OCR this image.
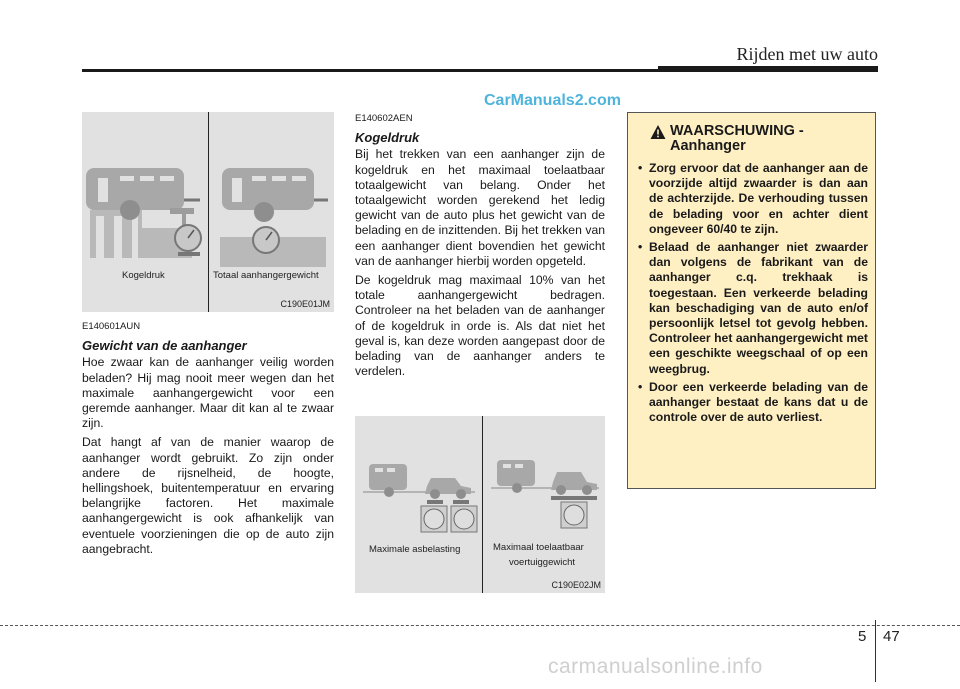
Rijden met uw auto
CarManuals2.com
Kogeldruk	Totaal aanhangergewicht
C190E01JM
E140601AUN
Gewicht van de aanhanger

Hoe zwaar kan de aanhanger veilig worden beladen? Hij mag nooit meer wegen dan het maximale aanhangergewicht voor een geremde aanhanger. Maar dit kan al te zwaar zijn.

Dat hangt af van de manier waarop de aanhanger wordt gebruikt. Zo zijn onder andere de rijsnelheid, de hoogte, hellingshoek, buitentemperatuur en ervaring belangrijke factoren. Het maximale aanhangergewicht is ook afhankelijk van eventuele voorzieningen die op de auto zijn aangebracht.

E140602AEN
Kogeldruk

Bij het trekken van een aanhanger zijn de kogeldruk en het maximaal toelaatbaar totaalgewicht van belang. Onder het totaalgewicht worden gerekend het ledig gewicht van de auto plus het gewicht van de belading en de inzittenden. Bij het trekken van een aanhanger dient bovendien het gewicht van de aanhanger hierbij worden opgeteld.

De kogeldruk mag maximaal 10% van het totale aanhangergewicht bedragen. Controleer na het beladen van de aanhanger of de kogeldruk in orde is. Als dat niet het geval is, kan deze worden aangepast door de belading van de aanhanger anders te verdelen.

Maximale asbelasting	Maximaal toelaatbaar
voertuiggewicht
C190E02JM
WAARSCHUWING -
Aanhanger
• Zorg ervoor dat de aanhanger aan de voorzijde altijd zwaarder is dan aan de achterzijde. De verhouding tussen de belading voor en achter dient ongeveer 60/40 te zijn.
• Belaad de aanhanger niet zwaarder dan volgens de fabrikant van de aanhanger c.q. trekhaak is toegestaan. Een verkeerde belading kan beschadiging van de auto en/of persoonlijk letsel tot gevolg hebben. Controleer het aanhangergewicht met een geschikte weegschaal of op een weegbrug.
• Door een verkeerde belading van de aanhanger bestaat de kans dat u de controle over de auto verliest.
5 47
carmanualsonline.info
